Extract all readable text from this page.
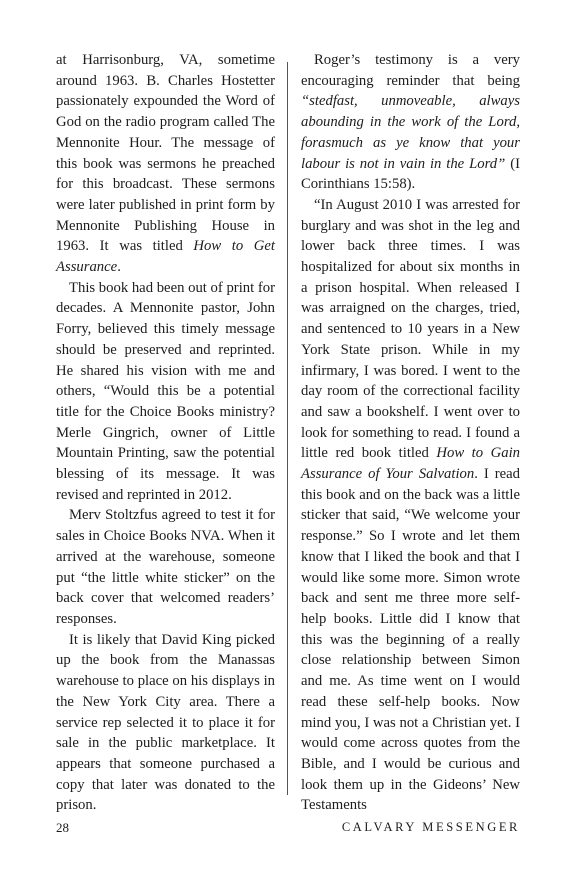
at Harrisonburg, VA, sometime around 1963. B. Charles Hostetter passionately expounded the Word of God on the radio program called The Mennonite Hour. The message of this book was sermons he preached for this broadcast. These sermons were later published in print form by Mennonite Publishing House in 1963. It was titled How to Get Assurance.

This book had been out of print for decades. A Mennonite pastor, John Forry, believed this timely message should be preserved and reprinted. He shared his vision with me and others, “Would this be a potential title for the Choice Books ministry? Merle Gingrich, owner of Little Mountain Printing, saw the potential blessing of its message. It was revised and reprinted in 2012.

Merv Stoltzfus agreed to test it for sales in Choice Books NVA. When it arrived at the warehouse, someone put “the little white sticker” on the back cover that welcomed readers’ responses.

It is likely that David King picked up the book from the Manassas warehouse to place on his displays in the New York City area. There a service rep selected it to place it for sale in the public marketplace. It appears that someone purchased a copy that later was donated to the prison.

Roger’s testimony is a very encouraging reminder that being “stedfast, unmoveable, always abounding in the work of the Lord, forasmuch as ye know that your labour is not in vain in the Lord” (I Corinthians 15:58).

“In August 2010 I was arrested for burglary and was shot in the leg and lower back three times. I was hospitalized for about six months in a prison hospital. When released I was arraigned on the charges, tried, and sentenced to 10 years in a New York State prison. While in my infirmary, I was bored. I went to the day room of the correctional facility and saw a bookshelf. I went over to look for something to read. I found a little red book titled How to Gain Assurance of Your Salvation. I read this book and on the back was a little sticker that said, “We welcome your response.” So I wrote and let them know that I liked the book and that I would like some more. Simon wrote back and sent me three more self-help books. Little did I know that this was the beginning of a really close relationship between Simon and me. As time went on I would read these self-help books. Now mind you, I was not a Christian yet. I would come across quotes from the Bible, and I would be curious and look them up in the Gideons’ New Testaments

28	CALVARY MESSENGER
